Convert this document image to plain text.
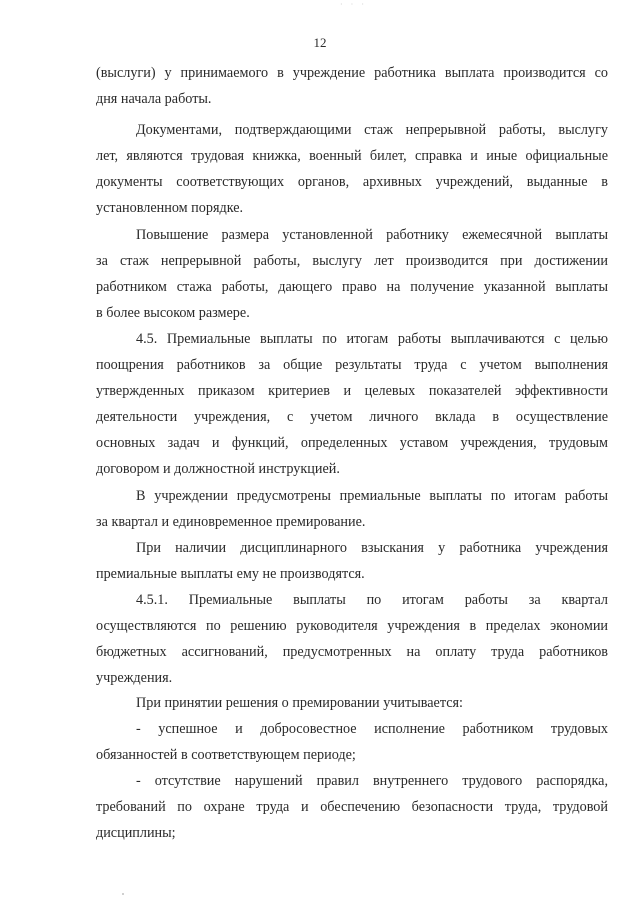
· · ·
12
(выслуги) у принимаемого в учреждение работника выплата производится со
дня начала работы.
Документами, подтверждающими стаж непрерывной работы, выслугу
лет, являются трудовая книжка, военный билет, справка и иные официальные
документы соответствующих органов, архивных учреждений, выданные в
установленном порядке.
Повышение размера установленной работнику ежемесячной выплаты
за стаж непрерывной работы, выслугу лет производится при достижении
работником стажа работы, дающего право на получение указанной выплаты
в более высоком размере.
4.5. Премиальные выплаты по итогам работы выплачиваются с целью
поощрения работников за общие результаты труда с учетом выполнения
утвержденных приказом критериев и целевых показателей эффективности
деятельности учреждения, с учетом личного вклада в осуществление
основных задач и функций, определенных уставом учреждения, трудовым
договором и должностной инструкцией.
В учреждении предусмотрены премиальные выплаты по итогам работы
за квартал и единовременное премирование.
При наличии дисциплинарного взыскания у работника учреждения
премиальные выплаты ему не производятся.
4.5.1. Премиальные выплаты по итогам работы за квартал
осуществляются по решению руководителя учреждения в пределах экономии
бюджетных ассигнований, предусмотренных на оплату труда работников
учреждения.
При принятии решения о премировании учитывается:
- успешное и добросовестное исполнение работником трудовых
обязанностей в соответствующем периоде;
- отсутствие нарушений правил внутреннего трудового распорядка,
требований по охране труда и обеспечению безопасности труда, трудовой
дисциплины;
